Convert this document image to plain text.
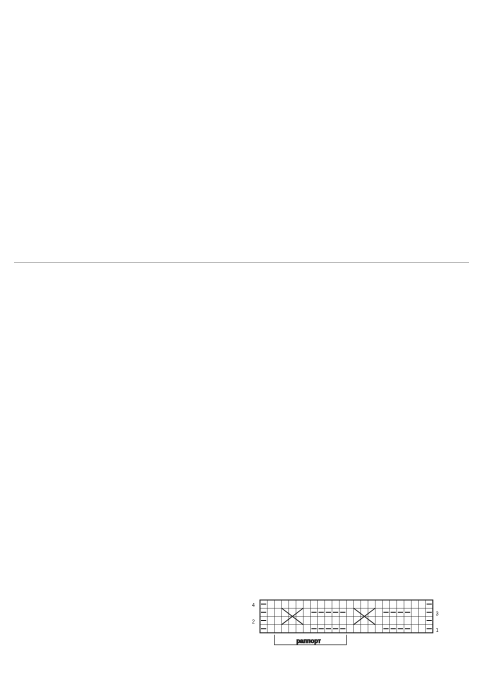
4
2
3
1
раппорт
